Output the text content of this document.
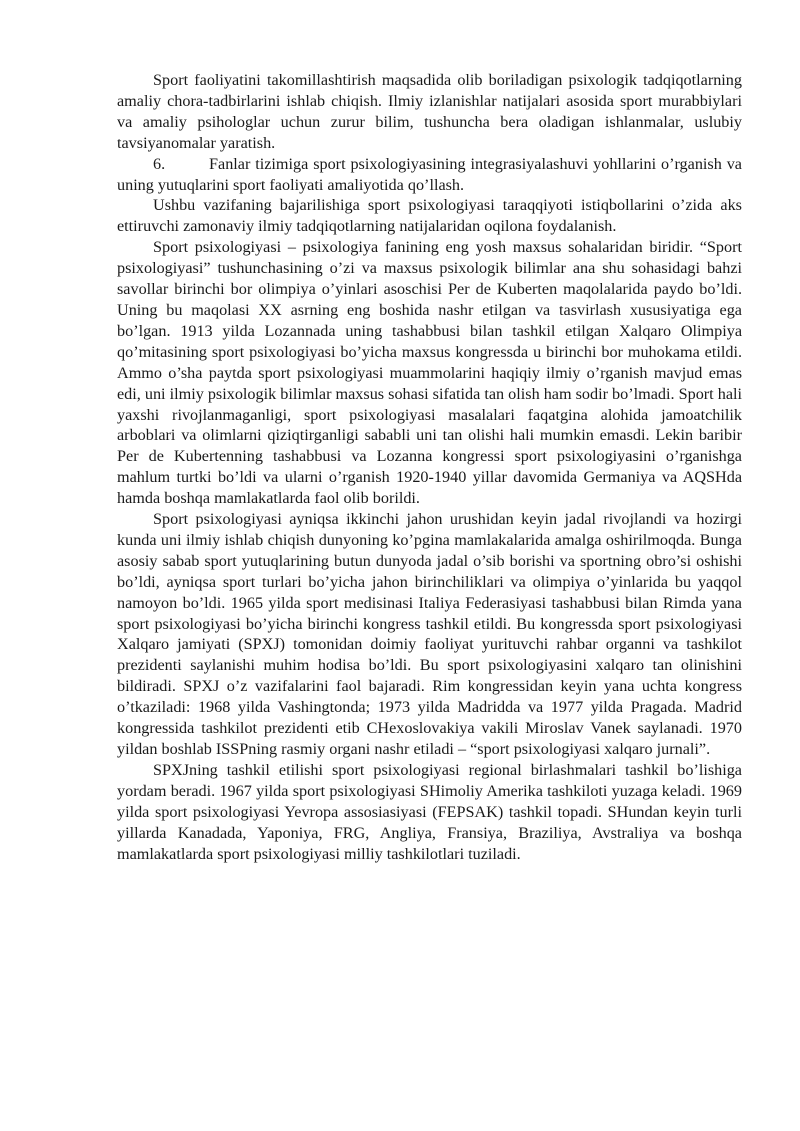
Sport faoliyatini takomillashtirish maqsadida olib boriladigan psixologik tadqiqotlarning amaliy chora-tadbirlarini ishlab chiqish. Ilmiy izlanishlar natijalari asosida sport murabbiylari va amaliy psihologlar uchun zurur bilim, tushuncha bera oladigan ishlanmalar, uslubiy tavsiyanomalar yaratish.

6.	Fanlar tizimiga sport psixologiyasining integrasiyalashuvi yohllarini o’rganish va uning yutuqlarini sport faoliyati amaliyotida qo’llash.

Ushbu vazifaning bajarilishiga sport psixologiyasi taraqqiyoti istiqbollarini o’zida aks ettiruvchi zamonaviy ilmiy tadqiqotlarning natijalaridan oqilona foydalanish.

Sport psixologiyasi – psixologiya fanining eng yosh maxsus sohalaridan biridir. “Sport psixologiyasi” tushunchasining o’zi va maxsus psixologik bilimlar ana shu sohasidagi bahzi savollar birinchi bor olimpiya o’yinlari asoschisi Per de Kuberten maqolalarida paydo bo’ldi. Uning bu maqolasi XX asrning eng boshida nashr etilgan va tasvirlash xususiyatiga ega bo’lgan. 1913 yilda Lozannada uning tashabbusi bilan tashkil etilgan Xalqaro Olimpiya qo’mitasining sport psixologiyasi bo’yicha maxsus kongressda u birinchi bor muhokama etildi. Ammo o’sha paytda sport psixologiyasi muammolarini haqiqiy ilmiy o’rganish mavjud emas edi, uni ilmiy psixologik bilimlar maxsus sohasi sifatida tan olish ham sodir bo’lmadi. Sport hali yaxshi rivojlanmaganligi, sport psixologiyasi masalalari faqatgina alohida jamoatchilik arboblari va olimlarni qiziqtirganligi sababli uni tan olishi hali mumkin emasdi. Lekin baribir Per de Kubertenning tashabbusi va Lozanna kongressi sport psixologiyasini o’rganishga mahlum turtki bo’ldi va ularni o’rganish 1920-1940 yillar davomida Germaniya va AQSHda hamda boshqa mamlakatlarda faol olib borildi.

Sport psixologiyasi ayniqsa ikkinchi jahon urushidan keyin jadal rivojlandi va hozirgi kunda uni ilmiy ishlab chiqish dunyoning ko’pgina mamlakalarida amalga oshirilmoqda. Bunga asosiy sabab sport yutuqlarining butun dunyoda jadal o’sib borishi va sportning obro’si oshishi bo’ldi, ayniqsa sport turlari bo’yicha jahon birinchiliklari va olimpiya o’yinlarida bu yaqqol namoyon bo’ldi. 1965 yilda sport medisinasi Italiya Federasiyasi tashabbusi bilan Rimda yana sport psixologiyasi bo’yicha birinchi kongress tashkil etildi. Bu kongressda sport psixologiyasi Xalqaro jamiyati (SPXJ) tomonidan doimiy faoliyat yurituvchi rahbar organni va tashkilot prezidenti saylanishi muhim hodisa bo’ldi. Bu sport psixologiyasini xalqaro tan olinishini bildiradi. SPXJ o’z vazifalarini faol bajaradi. Rim kongressidan keyin yana uchta kongress o’tkaziladi: 1968 yilda Vashingtonda; 1973 yilda Madridda va 1977 yilda Pragada. Madrid kongressida tashkilot prezidenti etib CHexoslovakiya vakili Miroslav Vanek saylanadi. 1970 yildan boshlab ISSPning rasmiy organi nashr etiladi – “sport psixologiyasi xalqaro jurnali”.

SPXJning tashkil etilishi sport psixologiyasi regional birlashmalari tashkil bo’lishiga yordam beradi. 1967 yilda sport psixologiyasi SHimoliy Amerika tashkiloti yuzaga keladi. 1969 yilda sport psixologiyasi Yevropa assosiasiyasi (FEPSAK) tashkil topadi. SHundan keyin turli yillarda Kanadada, Yaponiya, FRG, Angliya, Fransiya, Braziliya, Avstraliya va boshqa mamlakatlarda sport psixologiyasi milliy tashkilotlari tuziladi.
